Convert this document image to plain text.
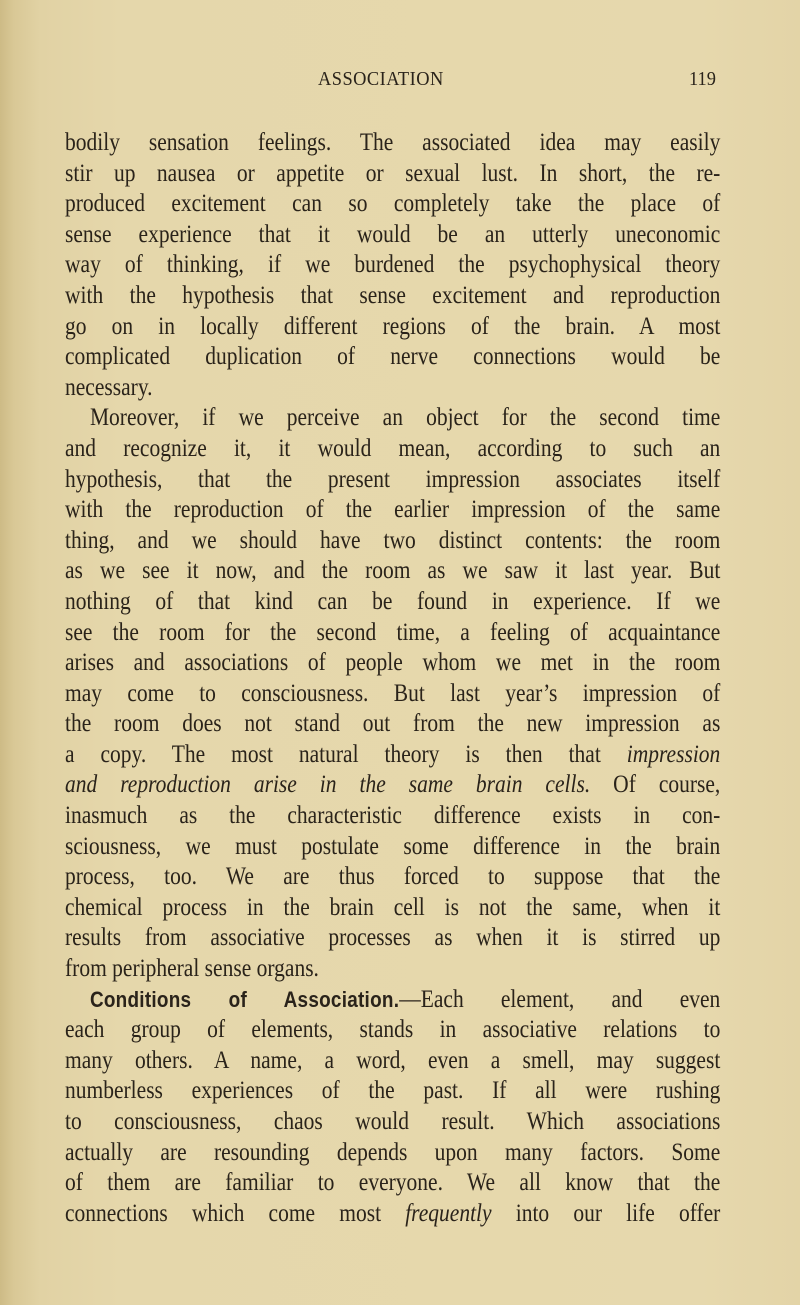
ASSOCIATION	119
bodily sensation feelings. The associated idea may easily
stir up nausea or appetite or sexual lust. In short, the re-
produced excitement can so completely take the place of
sense experience that it would be an utterly uneconomic
way of thinking, if we burdened the psychophysical theory
with the hypothesis that sense excitement and reproduction
go on in locally different regions of the brain. A most
complicated duplication of nerve connections would be
necessary.
Moreover, if we perceive an object for the second time
and recognize it, it would mean, according to such an
hypothesis, that the present impression associates itself
with the reproduction of the earlier impression of the same
thing, and we should have two distinct contents: the room
as we see it now, and the room as we saw it last year. But
nothing of that kind can be found in experience. If we
see the room for the second time, a feeling of acquaintance
arises and associations of people whom we met in the room
may come to consciousness. But last year’s impression of
the room does not stand out from the new impression as
a copy. The most natural theory is then that impression
and reproduction arise in the same brain cells. Of course,
inasmuch as the characteristic difference exists in con-
sciousness, we must postulate some difference in the brain
process, too. We are thus forced to suppose that the
chemical process in the brain cell is not the same, when it
results from associative processes as when it is stirred up
from peripheral sense organs.
Conditions of Association.—Each element, and even
each group of elements, stands in associative relations to
many others. A name, a word, even a smell, may suggest
numberless experiences of the past. If all were rushing
to consciousness, chaos would result. Which associations
actually are resounding depends upon many factors. Some
of them are familiar to everyone. We all know that the
connections which come most frequently into our life offer
